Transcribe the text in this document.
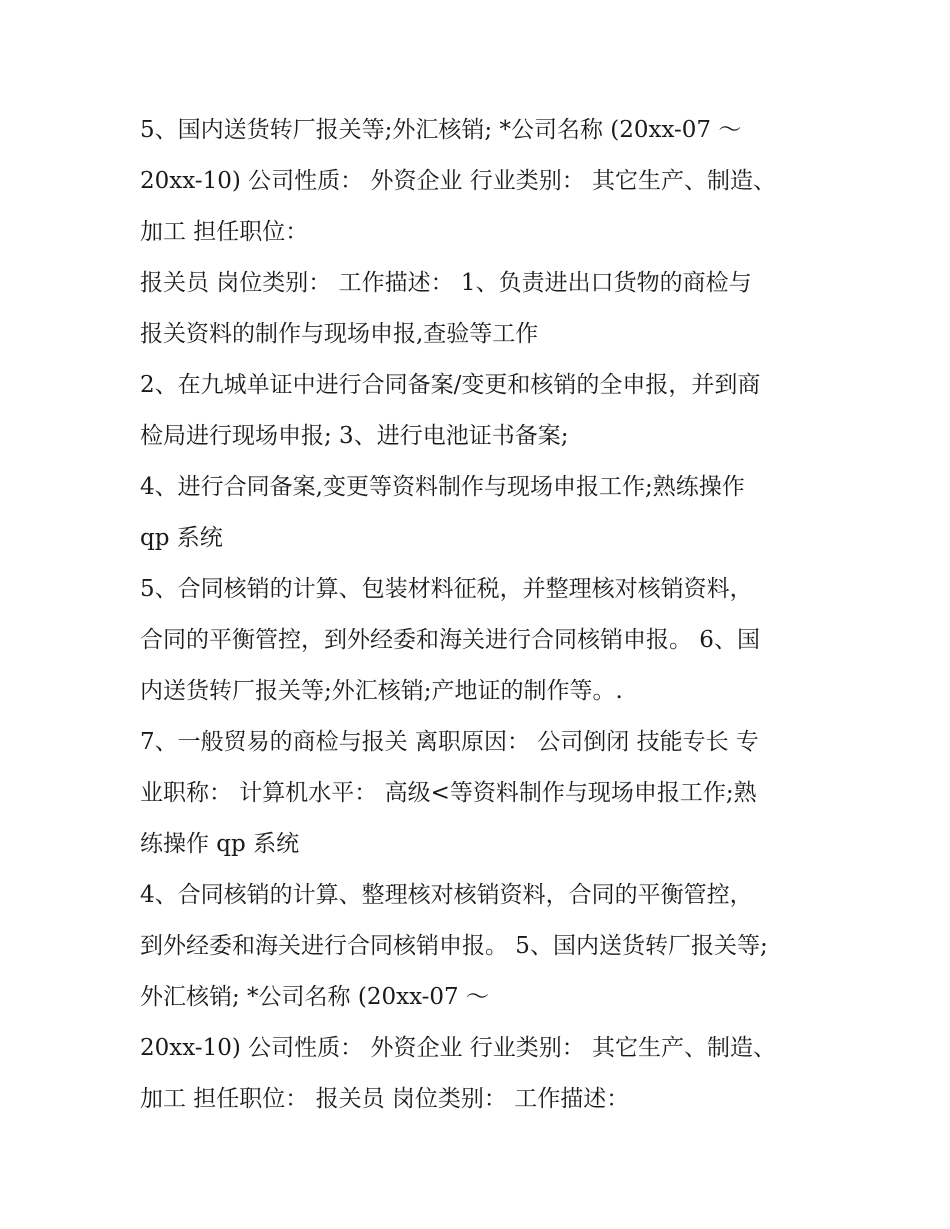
5、国内送货转厂报关等;外汇核销; *公司名称 (20xx-07 ～
20xx-10) 公司性质： 外资企业 行业类别： 其它生产、制造、
加工 担任职位：
报关员 岗位类别： 工作描述： 1、负责进出口货物的商检与
报关资料的制作与现场申报,查验等工作
2、在九城单证中进行合同备案/变更和核销的全申报，并到商
检局进行现场申报; 3、进行电池证书备案;
4、进行合同备案,变更等资料制作与现场申报工作;熟练操作
qp 系统
5、合同核销的计算、包装材料征税，并整理核对核销资料，
合同的平衡管控，到外经委和海关进行合同核销申报。 6、国
内送货转厂报关等;外汇核销;产地证的制作等。.
7、一般贸易的商检与报关 离职原因： 公司倒闭 技能专长 专
业职称： 计算机水平： 高级<等资料制作与现场申报工作;熟
练操作 qp 系统
4、合同核销的计算、整理核对核销资料，合同的平衡管控，
到外经委和海关进行合同核销申报。 5、国内送货转厂报关等;
外汇核销; *公司名称 (20xx-07 ～
20xx-10) 公司性质： 外资企业 行业类别： 其它生产、制造、
加工 担任职位： 报关员 岗位类别： 工作描述：
